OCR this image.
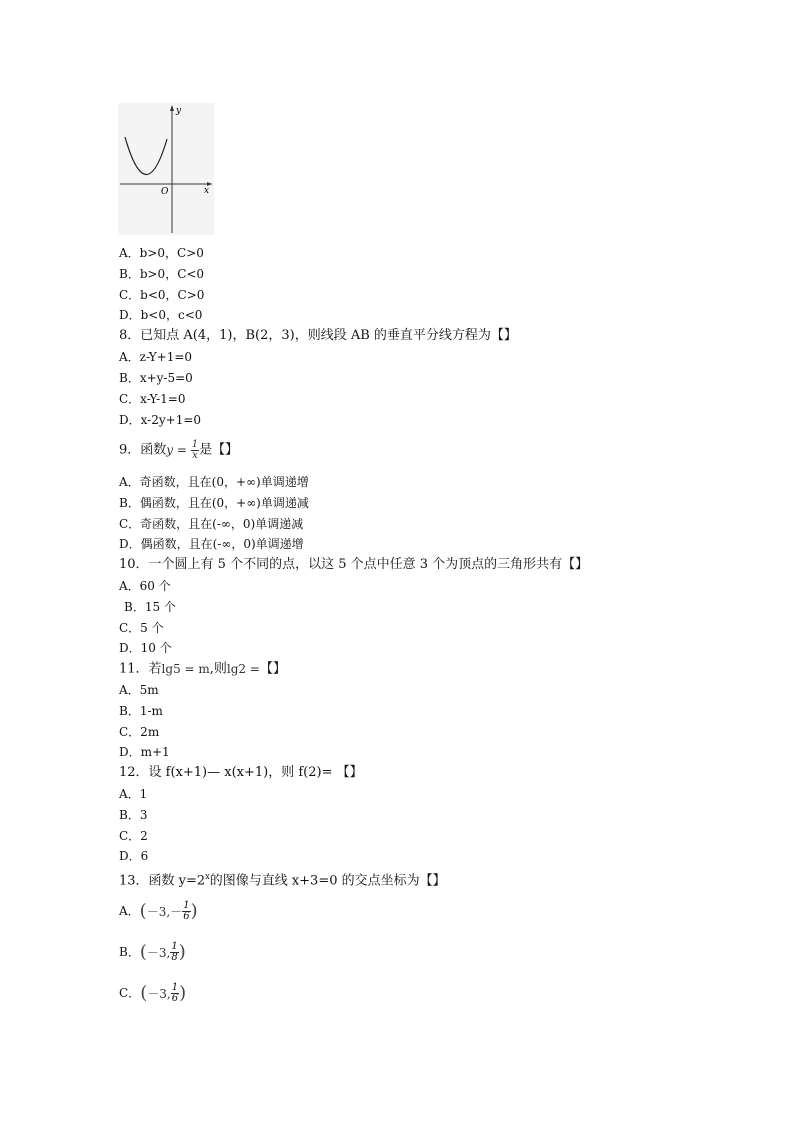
y
x
O
A．b>0，C>0
B．b>0，C<0
C．b<0，C>0
D．b<0，c<0
8．已知点 A(4，1)，B(2，3)，则线段 AB 的垂直平分线方程为【】
A．z-Y+1=0
B．x+y-5=0
C．x-Y-1=0
D．x-2y+1=0
9．函数$y = \frac{1}{x}$ 是【】
A．奇函数，且在(0，+∞)单调递增
B．偶函数，且在(0，+∞)单调递减
C．奇函数，且在(-∞，0)单调递减
D．偶函数，且在(-∞，0)单调递增
10．一个圆上有 5 个不同的点，以这 5 个点中任意 3 个为顶点的三角形共有【】
A．60 个
B．15 个
C．5 个
D．10 个
11．若lg5 = m,则lg2 =【】
A．5m
B．1-m
C．2m
D．m+1
12．设 f(x+1)— x(x+1)，则 f(2)= 【】
A．1
B．3
C．2
D．6
13．函数 $y=2^x$的图像与直线 x+3=0 的交点坐标为【】
A．($-3,- \frac{1}{6}$ )
B．(－3, $\frac{1}{8}$ )
C．(－3, $\frac{1}{6}$ )
